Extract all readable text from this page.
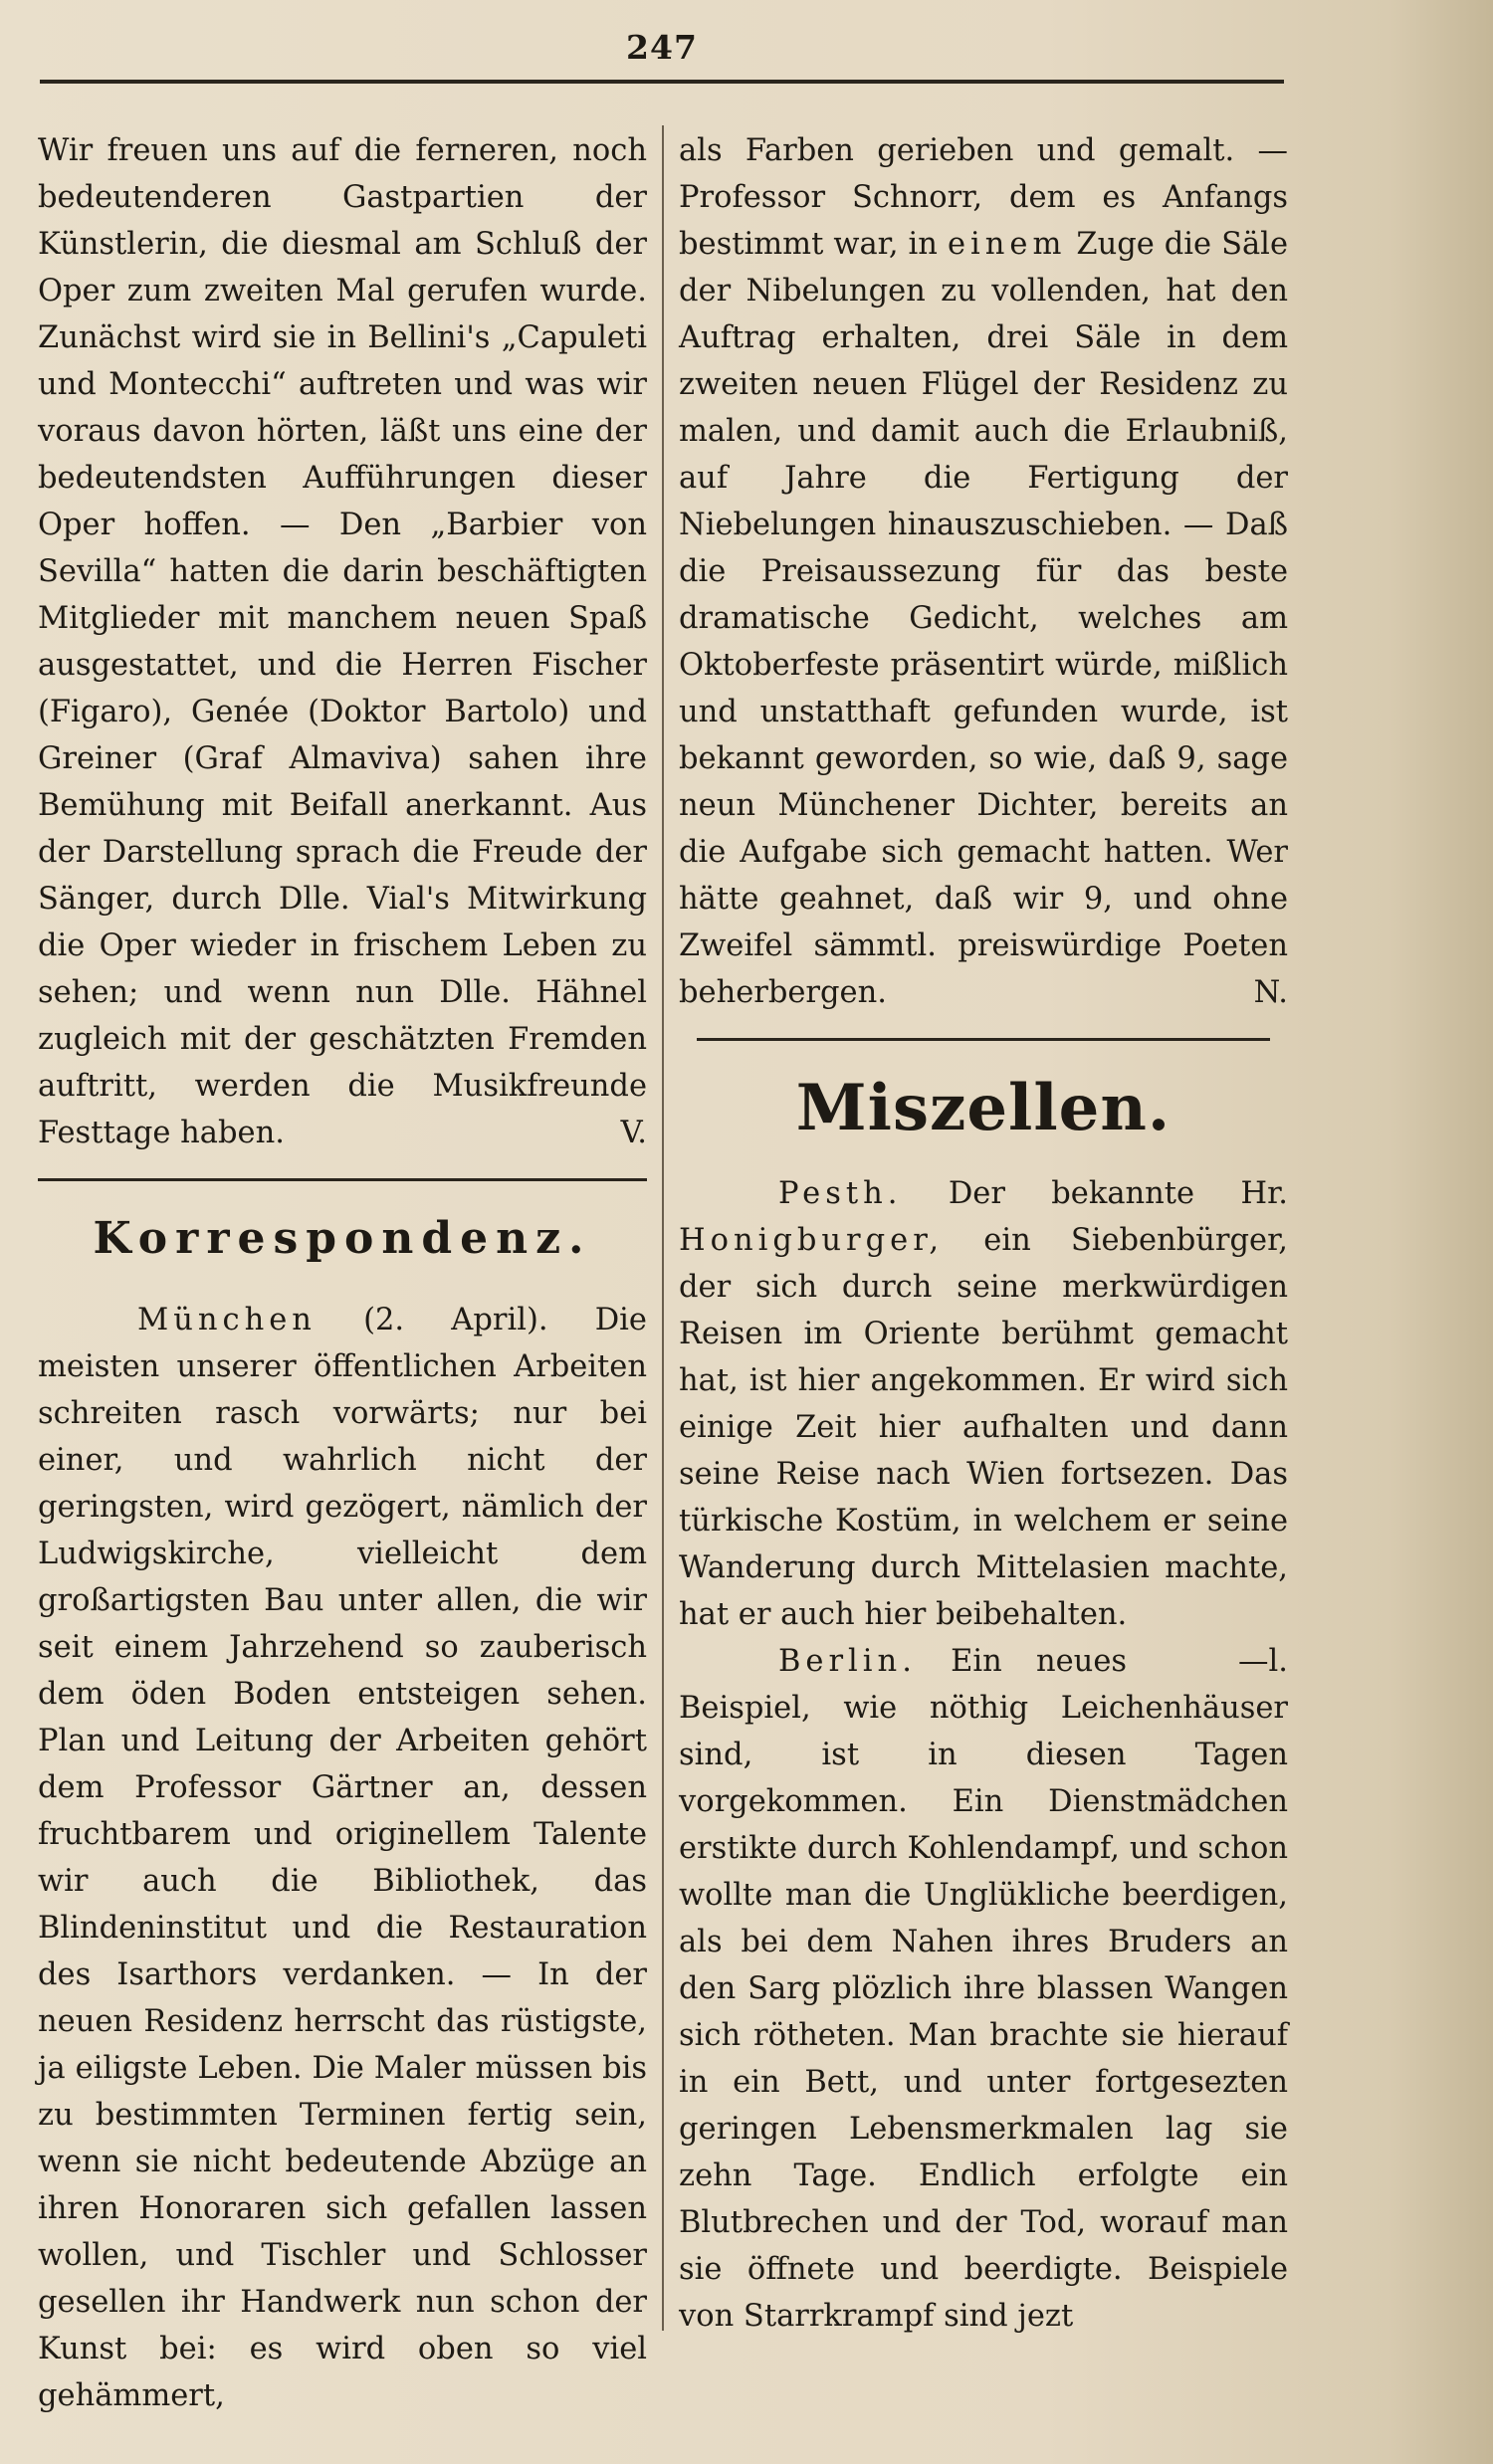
247

Wir freuen uns auf die ferneren, noch bedeutenderen Gastpartien der Künstlerin, die diesmal am Schluß der Oper zum zweiten Mal gerufen wurde. Zunächst wird sie in Bellini's „Capuleti und Montecchi“ auftreten und was wir voraus davon hörten, läßt uns eine der bedeutendsten Aufführungen dieser Oper hoffen. — Den „Barbier von Sevilla“ hatten die darin beschäftigten Mitglieder mit manchem neuen Spaß ausgestattet, und die Herren Fischer (Figaro), Genée (Doktor Bartolo) und Greiner (Graf Almaviva) sahen ihre Bemühung mit Beifall anerkannt. Aus der Darstellung sprach die Freude der Sänger, durch Dlle. Vial's Mitwirkung die Oper wieder in frischem Leben zu sehen; und wenn nun Dlle. Hähnel zugleich mit der geschätzten Fremden auftritt, werden die Musikfreunde Festtage haben.	V.

Korrespondenz.

München (2. April). Die meisten unserer öffentlichen Arbeiten schreiten rasch vorwärts; nur bei einer, und wahrlich nicht der geringsten, wird gezögert, nämlich der Ludwigskirche, vielleicht dem großartigsten Bau unter allen, die wir seit einem Jahrzehend so zauberisch dem öden Boden entsteigen sehen. Plan und Leitung der Arbeiten gehört dem Professor Gärtner an, dessen fruchtbarem und originellem Talente wir auch die Bibliothek, das Blindeninstitut und die Restauration des Isarthors verdanken. — In der neuen Residenz herrscht das rüstigste, ja eiligste Leben. Die Maler müssen bis zu bestimmten Terminen fertig sein, wenn sie nicht bedeutende Abzüge an ihren Honoraren sich gefallen lassen wollen, und Tischler und Schlosser gesellen ihr Handwerk nun schon der Kunst bei: es wird oben so viel gehämmert,

als Farben gerieben und gemalt. — Professor Schnorr, dem es Anfangs bestimmt war, in einem Zuge die Säle der Nibelungen zu vollenden, hat den Auftrag erhalten, drei Säle in dem zweiten neuen Flügel der Residenz zu malen, und damit auch die Erlaubniß, auf Jahre die Fertigung der Niebelungen hinauszuschieben. — Daß die Preisaussezung für das beste dramatische Gedicht, welches am Oktoberfeste präsentirt würde, mißlich und unstatthaft gefunden wurde, ist bekannt geworden, so wie, daß 9, sage neun Münchener Dichter, bereits an die Aufgabe sich gemacht hatten. Wer hätte geahnet, daß wir 9, und ohne Zweifel sämmtl. preiswürdige Poeten beherbergen.	N.

Miszellen.

Pesth. Der bekannte Hr. Honigburger, ein Siebenbürger, der sich durch seine merkwürdigen Reisen im Oriente berühmt gemacht hat, ist hier angekommen. Er wird sich einige Zeit hier aufhalten und dann seine Reise nach Wien fortsezen. Das türkische Kostüm, in welchem er seine Wanderung durch Mittelasien machte, hat er auch hier beibehalten.
—l.

Berlin. Ein neues Beispiel, wie nöthig Leichenhäuser sind, ist in diesen Tagen vorgekommen. Ein Dienstmädchen erstikte durch Kohlendampf, und schon wollte man die Unglükliche beerdigen, als bei dem Nahen ihres Bruders an den Sarg plözlich ihre blassen Wangen sich rötheten. Man brachte sie hierauf in ein Bett, und unter fortgesezten geringen Lebensmerkmalen lag sie zehn Tage. Endlich erfolgte ein Blutbrechen und der Tod, worauf man sie öffnete und beerdigte. Beispiele von Starrkrampf sind jezt
